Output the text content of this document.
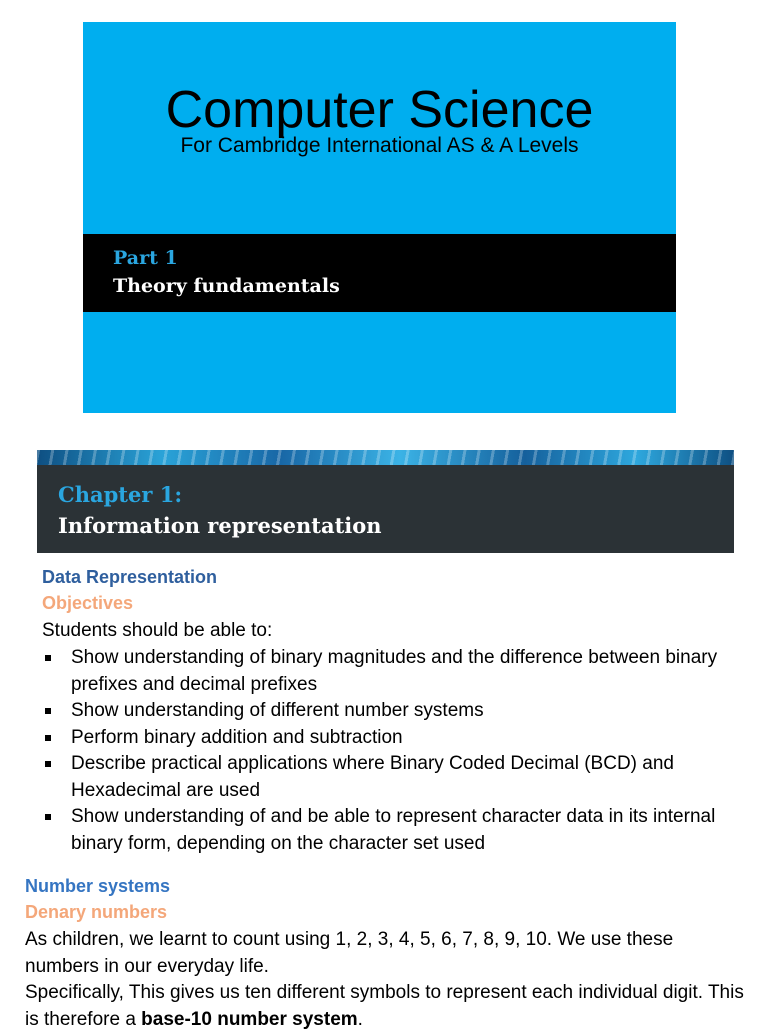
Computer Science
For Cambridge International AS & A Levels
Part 1
Theory fundamentals
Chapter 1:
Information representation
Data Representation
Objectives
Students should be able to:
Show understanding of binary magnitudes and the difference between binary prefixes and decimal prefixes
Show understanding of different number systems
Perform binary addition and subtraction
Describe practical applications where Binary Coded Decimal (BCD) and Hexadecimal are used
Show understanding of and be able to represent character data in its internal binary form, depending on the character set used
Number systems
Denary numbers
As children, we learnt to count using 1, 2, 3, 4, 5, 6, 7, 8, 9, 10. We use these numbers in our everyday life.
Specifically, This gives us ten different symbols to represent each individual digit. This is therefore a base-10 number system.
